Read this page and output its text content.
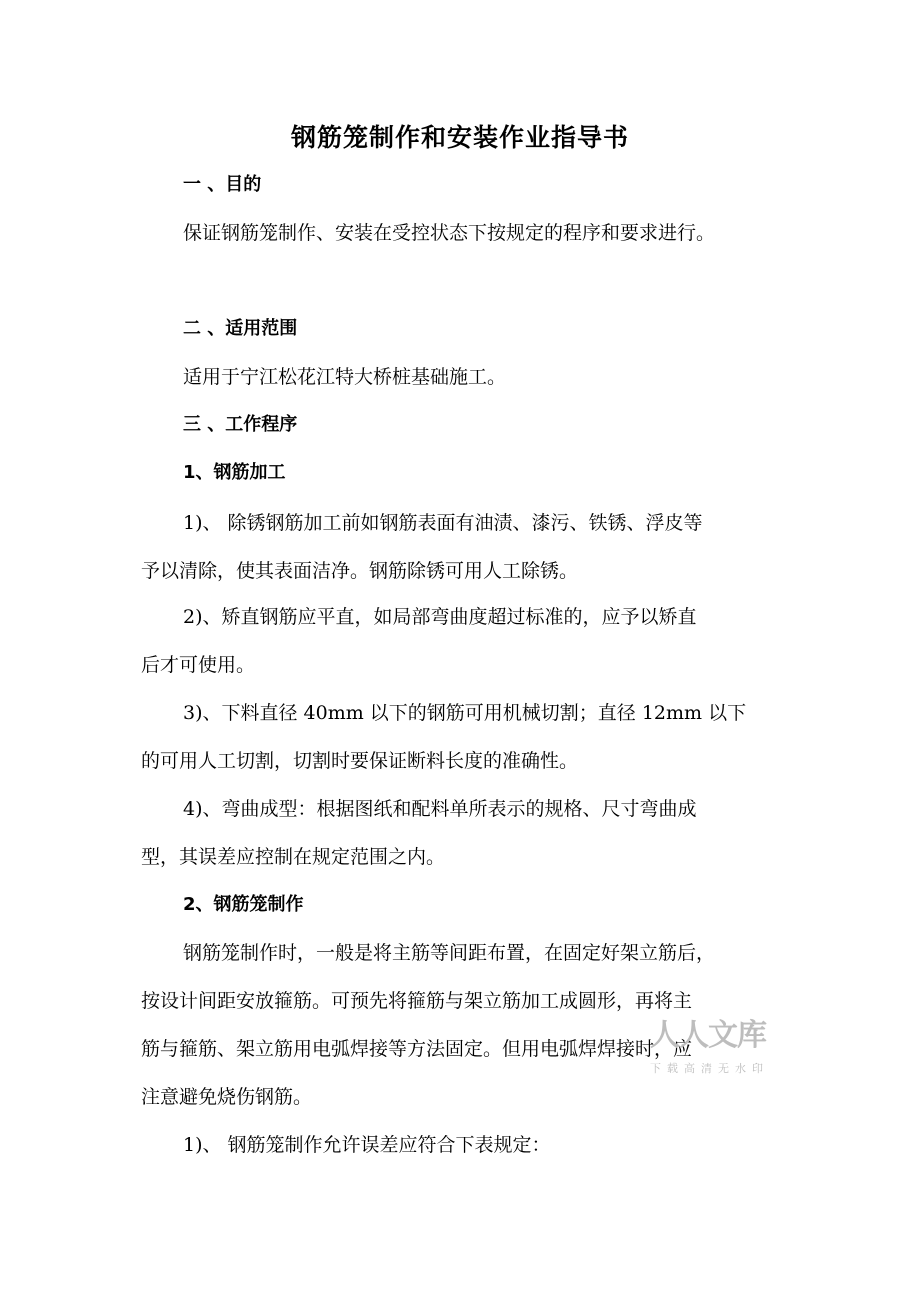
钢筋笼制作和安装作业指导书
一 、目的
保证钢筋笼制作、安装在受控状态下按规定的程序和要求进行。
二 、适用范围
适用于宁江松花江特大桥桩基础施工。
三 、工作程序
1、钢筋加工
1)、 除锈钢筋加工前如钢筋表面有油渍、漆污、铁锈、浮皮等
予以清除，使其表面洁净。钢筋除锈可用人工除锈。
2)、矫直钢筋应平直，如局部弯曲度超过标准的，应予以矫直
后才可使用。
3)、下料直径 40mm 以下的钢筋可用机械切割；直径 12mm 以下
的可用人工切割，切割时要保证断料长度的准确性。
4)、弯曲成型：根据图纸和配料单所表示的规格、尺寸弯曲成
型，其误差应控制在规定范围之内。
2、钢筋笼制作
钢筋笼制作时，一般是将主筋等间距布置，在固定好架立筋后，
按设计间距安放箍筋。可预先将箍筋与架立筋加工成圆形，再将主
筋与箍筋、架立筋用电弧焊接等方法固定。但用电弧焊焊接时，应
注意避免烧伤钢筋。
1)、 钢筋笼制作允许误差应符合下表规定：
人人文库
下载高清无水印
